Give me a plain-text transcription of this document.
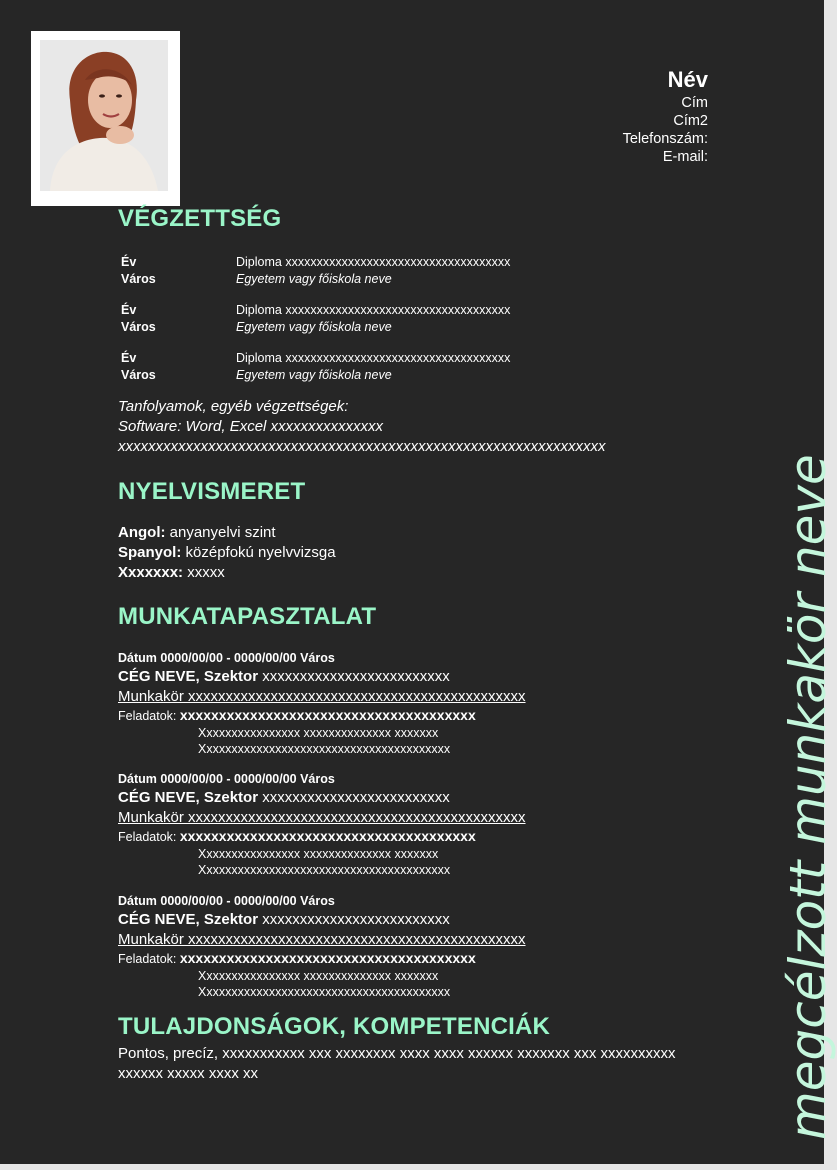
Név
Cím
Cím2
Telefonszám:
E-mail:
VÉGZETTSÉG
Év	Diploma xxxxxxxxxxxxxxxxxxxxxxxxxxxxxxxxxxxx
Város	Egyetem vagy főiskola neve
Év	Diploma xxxxxxxxxxxxxxxxxxxxxxxxxxxxxxxxxxxx
Város	Egyetem vagy főiskola neve
Év	Diploma xxxxxxxxxxxxxxxxxxxxxxxxxxxxxxxxxxxx
Város	Egyetem vagy főiskola neve
Tanfolyamok, egyéb végzettségek:
Software: Word, Excel xxxxxxxxxxxxxxx
xxxxxxxxxxxxxxxxxxxxxxxxxxxxxxxxxxxxxxxxxxxxxxxxxxxxxxxxxxxxxxxxx
NYELVISMERET
Angol: anyanyelvi szint
Spanyol: középfokú nyelvvizsga
Xxxxxxx: xxxxx
MUNKATAPASZTALAT
Dátum 0000/00/00 - 0000/00/00 Város
CÉG NEVE, Szektor xxxxxxxxxxxxxxxxxxxxxxxxx
Munkakör xxxxxxxxxxxxxxxxxxxxxxxxxxxxxxxxxxxxxxxxxxxxx
Feladatok: xxxxxxxxxxxxxxxxxxxxxxxxxxxxxxxxxxxxxx
Xxxxxxxxxxxxxxxx xxxxxxxxxxxxxx xxxxxxx
Xxxxxxxxxxxxxxxxxxxxxxxxxxxxxxxxxxxxxxxx
Dátum 0000/00/00 - 0000/00/00 Város
CÉG NEVE, Szektor xxxxxxxxxxxxxxxxxxxxxxxxx
Munkakör xxxxxxxxxxxxxxxxxxxxxxxxxxxxxxxxxxxxxxxxxxxxx
Feladatok: xxxxxxxxxxxxxxxxxxxxxxxxxxxxxxxxxxxxxx
Xxxxxxxxxxxxxxxx xxxxxxxxxxxxxx xxxxxxx
Xxxxxxxxxxxxxxxxxxxxxxxxxxxxxxxxxxxxxxxx
Dátum 0000/00/00 - 0000/00/00 Város
CÉG NEVE, Szektor xxxxxxxxxxxxxxxxxxxxxxxxx
Munkakör xxxxxxxxxxxxxxxxxxxxxxxxxxxxxxxxxxxxxxxxxxxxx
Feladatok: xxxxxxxxxxxxxxxxxxxxxxxxxxxxxxxxxxxxxx
Xxxxxxxxxxxxxxxx xxxxxxxxxxxxxx xxxxxxx
Xxxxxxxxxxxxxxxxxxxxxxxxxxxxxxxxxxxxxxxx
TULAJDONSÁGOK, KOMPETENCIÁK
Pontos, precíz, xxxxxxxxxxx xxx xxxxxxxx xxxx xxxx xxxxxx xxxxxxx xxx xxxxxxxxxx xxxxxx xxxxx xxxx xx	megcélzott munkakör neve
